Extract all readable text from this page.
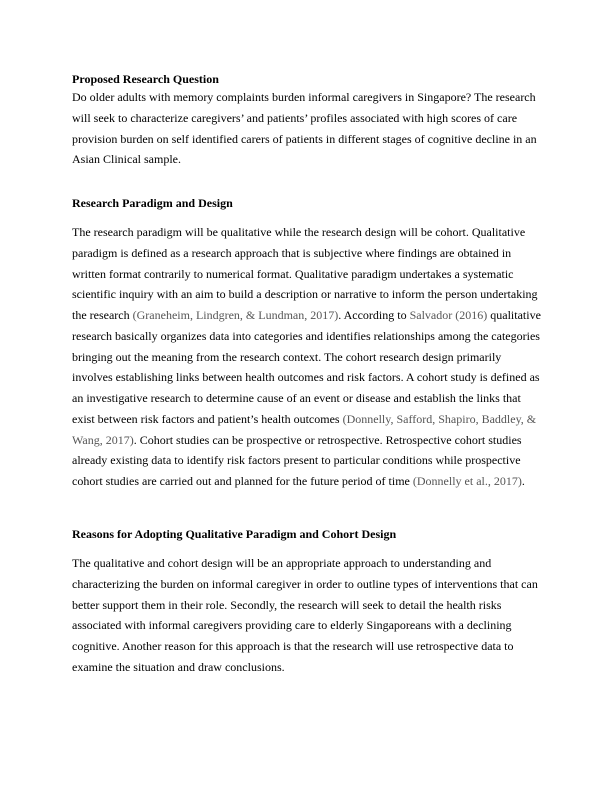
Proposed Research Question

Do older adults with memory complaints burden informal caregivers in Singapore? The research will seek to characterize caregivers’ and patients’ profiles associated with high scores of care provision burden on self identified carers of patients in different stages of cognitive decline in an Asian Clinical sample.

Research Paradigm and Design

The research paradigm will be qualitative while the research design will be cohort. Qualitative paradigm is defined as a research approach that is subjective where findings are obtained in written format contrarily to numerical format. Qualitative paradigm undertakes a systematic scientific inquiry with an aim to build a description or narrative to inform the person undertaking the research (Graneheim, Lindgren, & Lundman, 2017). According to Salvador (2016) qualitative research basically organizes data into categories and identifies relationships among the categories bringing out the meaning from the research context. The cohort research design primarily involves establishing links between health outcomes and risk factors. A cohort study is defined as an investigative research to determine cause of an event or disease and establish the links that exist between risk factors and patient’s health outcomes (Donnelly, Safford, Shapiro, Baddley, & Wang, 2017). Cohort studies can be prospective or retrospective. Retrospective cohort studies already existing data to identify risk factors present to particular conditions while prospective cohort studies are carried out and planned for the future period of time (Donnelly et al., 2017).

Reasons for Adopting Qualitative Paradigm and Cohort Design

The qualitative and cohort design will be an appropriate approach to understanding and characterizing the burden on informal caregiver in order to outline types of interventions that can better support them in their role. Secondly, the research will seek to detail the health risks associated with informal caregivers providing care to elderly Singaporeans with a declining cognitive. Another reason for this approach is that the research will use retrospective data to examine the situation and draw conclusions.
